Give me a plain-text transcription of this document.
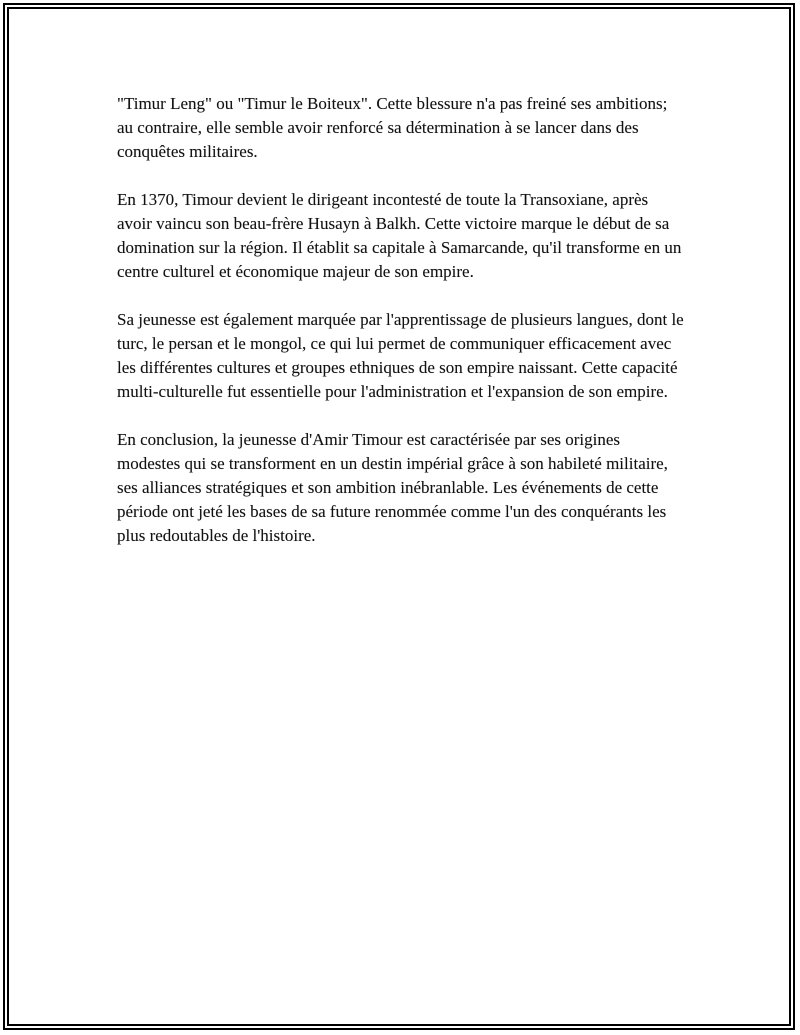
"Timur Leng" ou "Timur le Boiteux". Cette blessure n'a pas freiné ses ambitions; au contraire, elle semble avoir renforcé sa détermination à se lancer dans des conquêtes militaires.

En 1370, Timour devient le dirigeant incontesté de toute la Transoxiane, après avoir vaincu son beau-frère Husayn à Balkh. Cette victoire marque le début de sa domination sur la région. Il établit sa capitale à Samarcande, qu'il transforme en un centre culturel et économique majeur de son empire.

Sa jeunesse est également marquée par l'apprentissage de plusieurs langues, dont le turc, le persan et le mongol, ce qui lui permet de communiquer efficacement avec les différentes cultures et groupes ethniques de son empire naissant. Cette capacité multi-culturelle fut essentielle pour l'administration et l'expansion de son empire.

En conclusion, la jeunesse d'Amir Timour est caractérisée par ses origines modestes qui se transforment en un destin impérial grâce à son habileté militaire, ses alliances stratégiques et son ambition inébranlable. Les événements de cette période ont jeté les bases de sa future renommée comme l'un des conquérants les plus redoutables de l'histoire.
